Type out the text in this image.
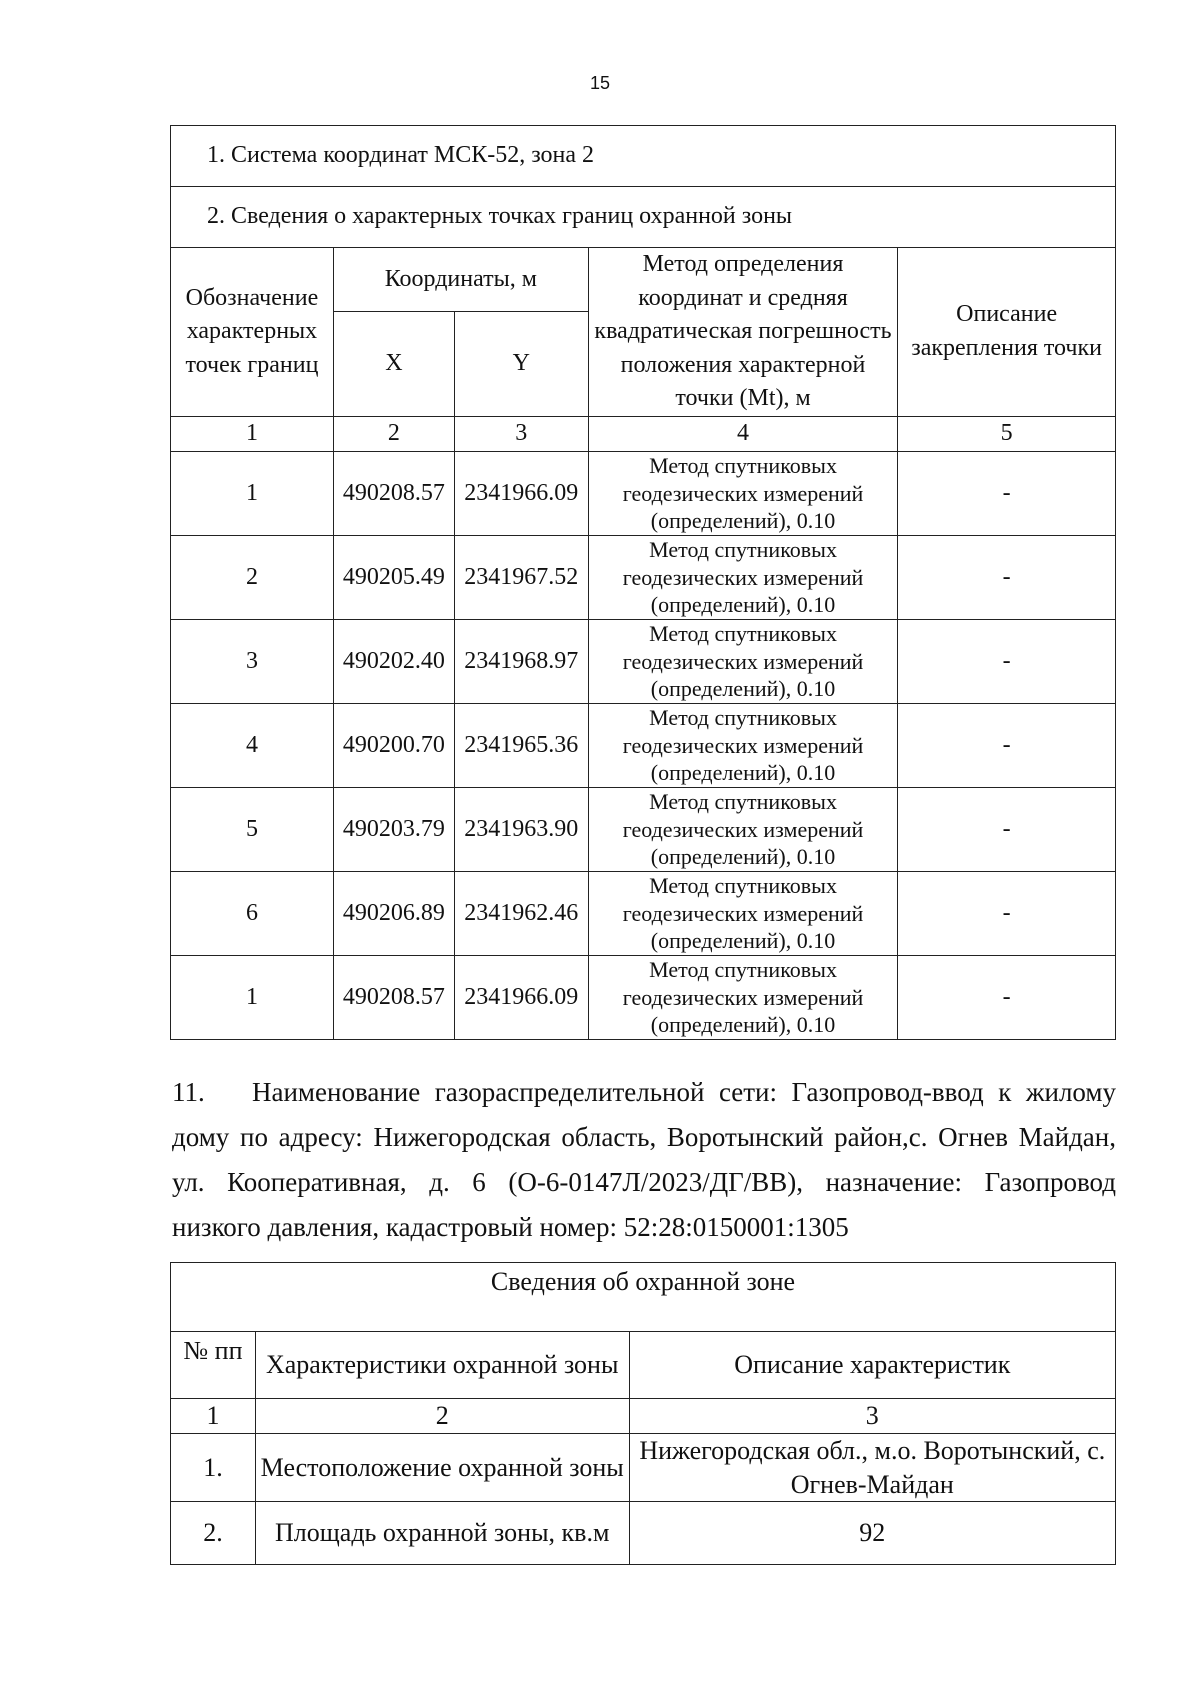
15
1. Система координат МСК-52, зона 2				
2. Сведения о характерных точках границ охранной зоны				
Обозначение характерных точек границ	Координаты, м		Метод определения координат и средняя квадратическая погрешность положения характерной точки (Mt), м	Описание закрепления точки
	X	Y		
1	2	3	4	5
1	490208.57	2341966.09	Метод спутниковых геодезических измерений (определений), 0.10	-
2	490205.49	2341967.52	Метод спутниковых геодезических измерений (определений), 0.10	-
3	490202.40	2341968.97	Метод спутниковых геодезических измерений (определений), 0.10	-
4	490200.70	2341965.36	Метод спутниковых геодезических измерений (определений), 0.10	-
5	490203.79	2341963.90	Метод спутниковых геодезических измерений (определений), 0.10	-
6	490206.89	2341962.46	Метод спутниковых геодезических измерений (определений), 0.10	-
1	490208.57	2341966.09	Метод спутниковых геодезических измерений (определений), 0.10	-
11. Наименование газораспределительной сети: Газопровод-ввод к жилому дому по адресу: Нижегородская область, Воротынский район,с. Огнев Майдан, ул. Кооперативная, д. 6 (О-6-0147Л/2023/ДГ/ВВ), назначение: Газопровод низкого давления, кадастровый номер: 52:28:0150001:1305
Сведения об охранной зоне		
№ пп	Характеристики охранной зоны	Описание характеристик
1	2	3
1.	Местоположение охранной зоны	Нижегородская обл., м.о. Воротынский, с. Огнев-Майдан
2.	Площадь охранной зоны, кв.м	92
